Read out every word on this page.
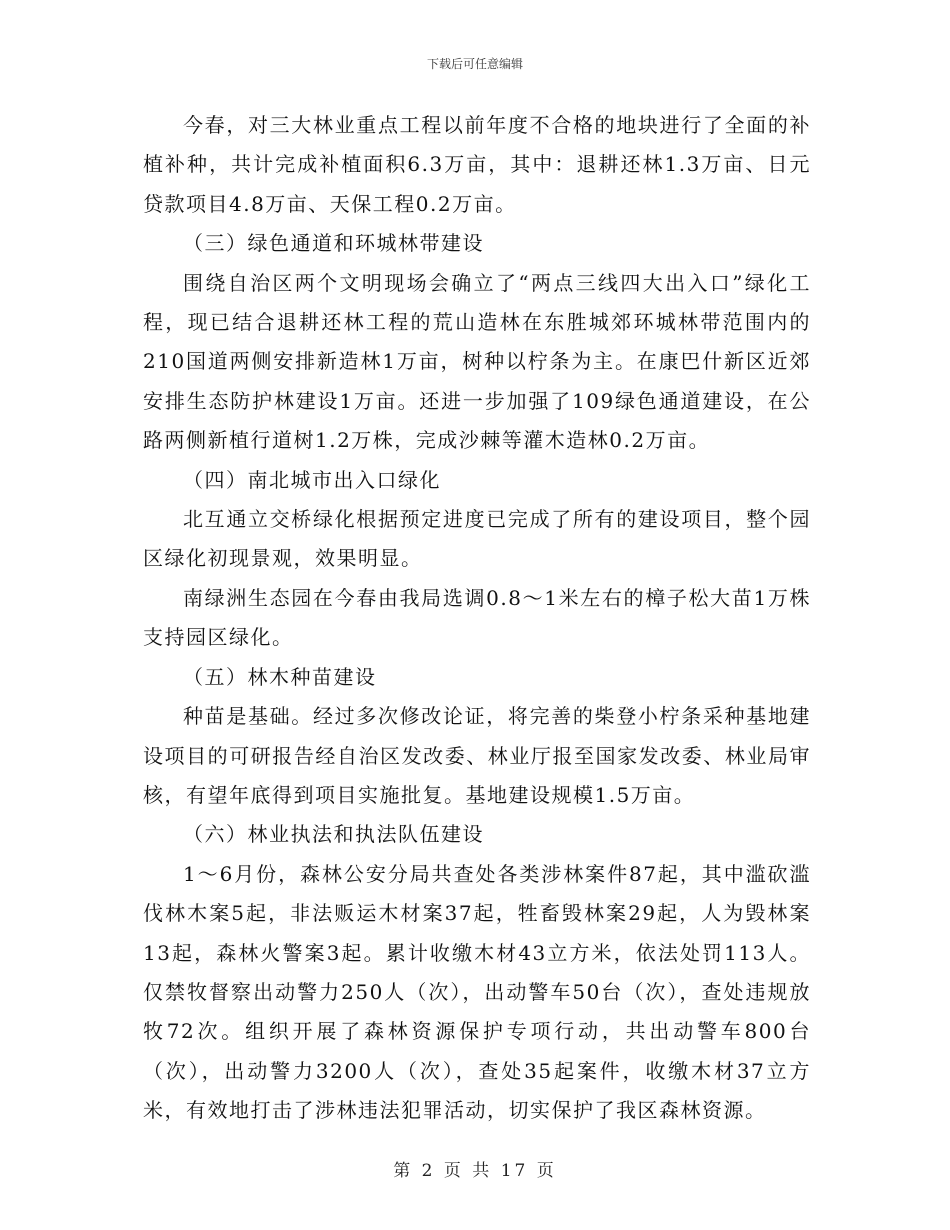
下载后可任意编辑

今春，对三大林业重点工程以前年度不合格的地块进行了全面的补植补种，共计完成补植面积6.3万亩，其中：退耕还林1.3万亩、日元贷款项目4.8万亩、天保工程0.2万亩。

（三）绿色通道和环城林带建设

围绕自治区两个文明现场会确立了“两点三线四大出入口”绿化工程，现已结合退耕还林工程的荒山造林在东胜城郊环城林带范围内的210国道两侧安排新造林1万亩，树种以柠条为主。在康巴什新区近郊安排生态防护林建设1万亩。还进一步加强了109绿色通道建设，在公路两侧新植行道树1.2万株，完成沙棘等灌木造林0.2万亩。

（四）南北城市出入口绿化

北互通立交桥绿化根据预定进度已完成了所有的建设项目，整个园区绿化初现景观，效果明显。

南绿洲生态园在今春由我局选调0.8～1米左右的樟子松大苗1万株支持园区绿化。

（五）林木种苗建设

种苗是基础。经过多次修改论证，将完善的柴登小柠条采种基地建设项目的可研报告经自治区发改委、林业厅报至国家发改委、林业局审核，有望年底得到项目实施批复。基地建设规模1.5万亩。

（六）林业执法和执法队伍建设

1～6月份，森林公安分局共查处各类涉林案件87起，其中滥砍滥伐林木案5起，非法贩运木材案37起，牲畜毁林案29起，人为毁林案13起，森林火警案3起。累计收缴木材43立方米，依法处罚113人。仅禁牧督察出动警力250人（次），出动警车50台（次），查处违规放牧72次。组织开展了森林资源保护专项行动，共出动警车800台（次），出动警力3200人（次），查处35起案件，收缴木材37立方米，有效地打击了涉林违法犯罪活动，切实保护了我区森林资源。

第 2 页 共 17 页
